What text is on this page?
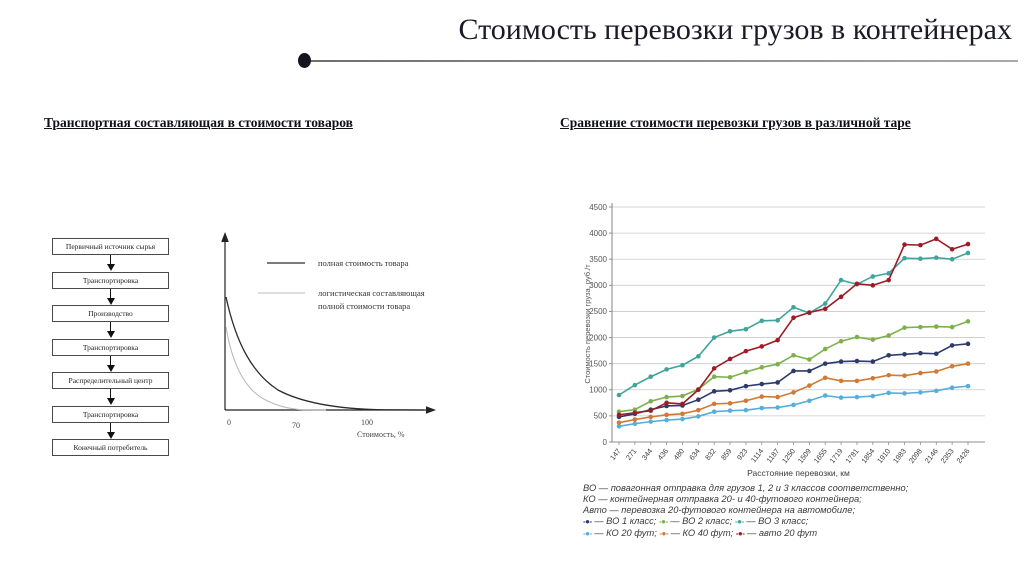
Стоимость перевозки грузов в контейнерах
Транспортная составляющая в стоимости товаров	Сравнение стоимости перевозки грузов в различной таре
Первичный источник сырья
Транспортировка
Производство
Транспортировка
Распределительный центр
Транспортировка
Конечный потребитель
полная стоимость товара
логистическая составляющая
полной стоимости товара
0	70	100
Стоимость, %
0
500
1000
1500
2000
2500
3000
3500
4000
4500
147 271 344 436 480 634 832 859 923 1114 1187
1250
1509
1655
1719
1781
1854
1910
1983
2098
2146
2353
2426
Расстояние перевозки, км
Стоимость перевозки груза, руб./т
ВО — повагонная отправка для грузов 1, 2 и 3 классов соответственно;
КО — контейнерная отправка 20- и 40-футового контейнера;
Авто — перевозка 20-футового контейнера на автомобиле;
-●- — ВО 1 класс; -●- — ВО 2 класс; -●- — ВО 3 класс;
-●- — КО 20 фут; -●- — КО 40 фут; -●- — авто 20 фут
